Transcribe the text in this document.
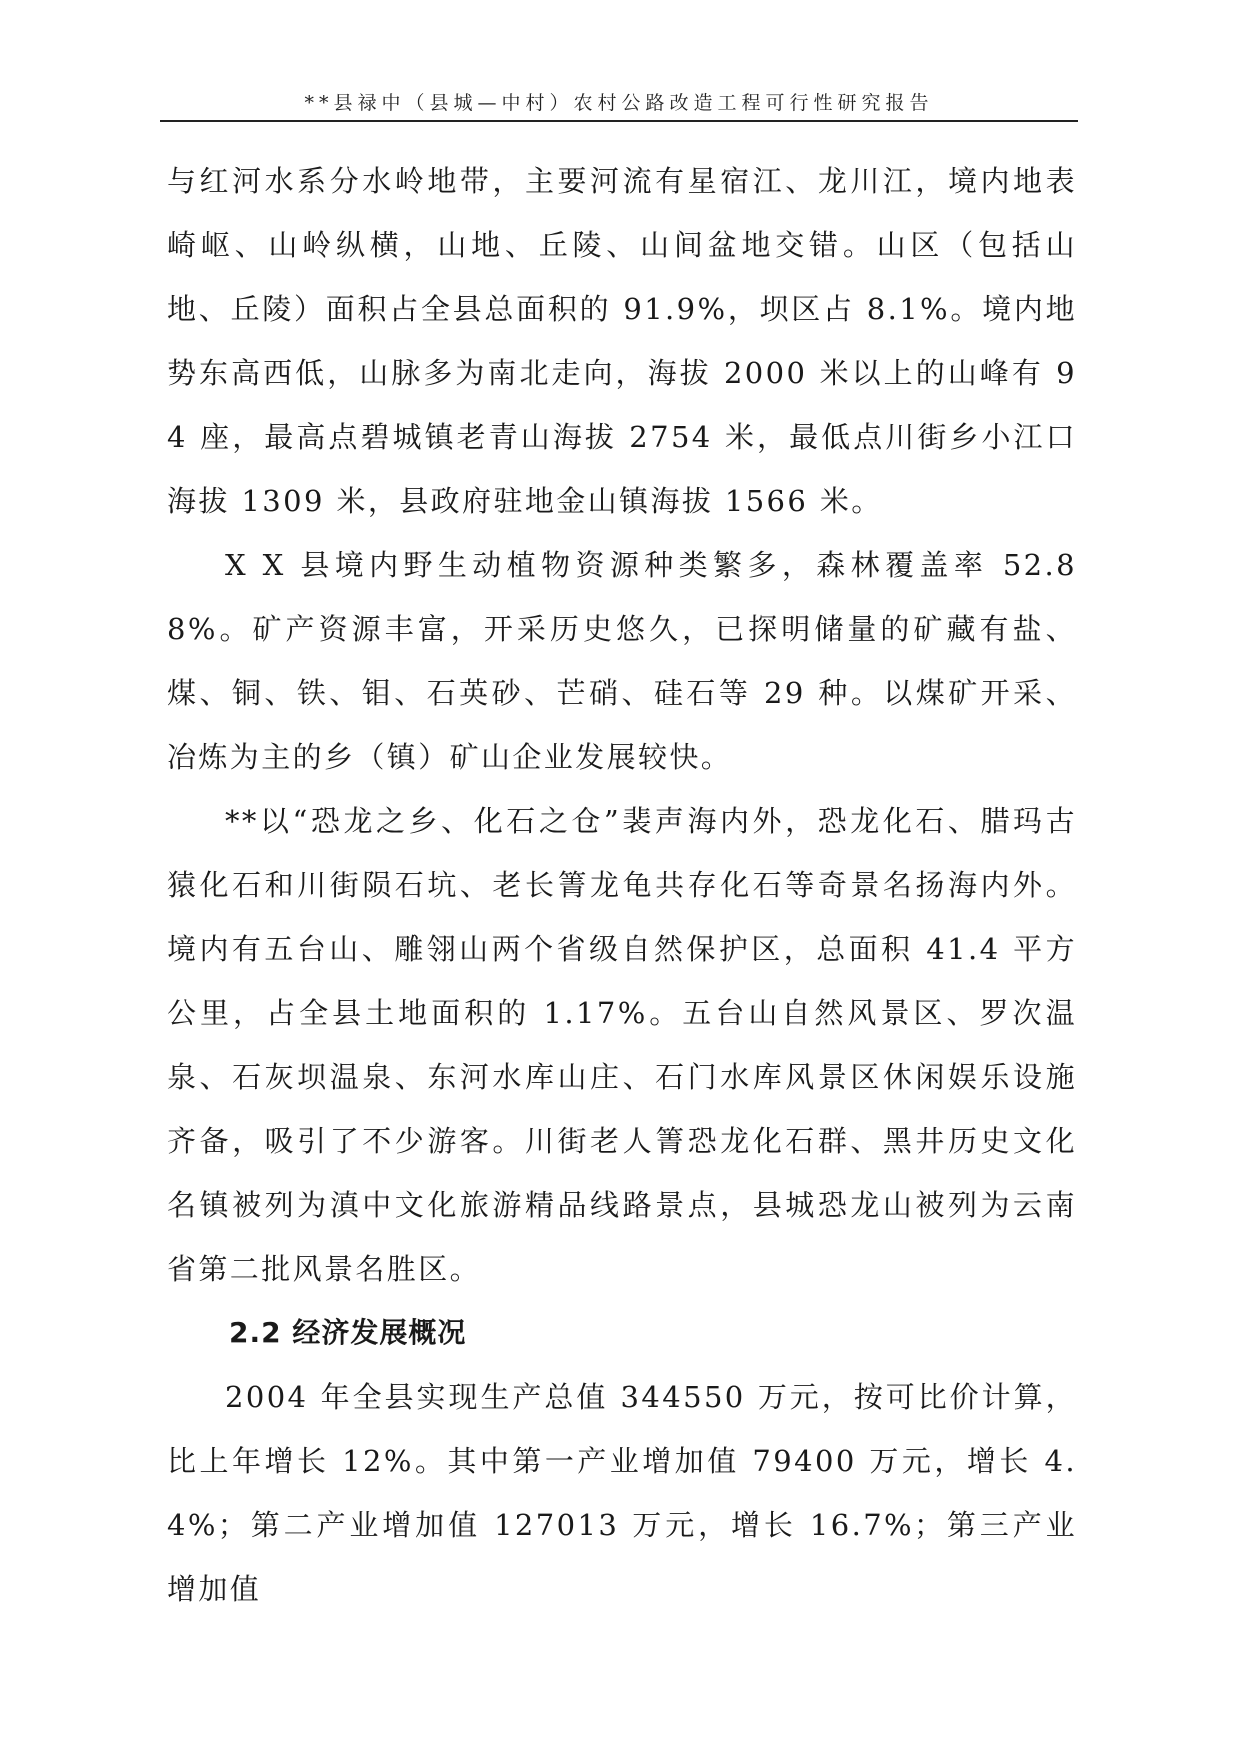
**县禄中（县城—中村）农村公路改造工程可行性研究报告

与红河水系分水岭地带，主要河流有星宿江、龙川江，境内地表崎岖、山岭纵横，山地、丘陵、山间盆地交错。山区（包括山地、丘陵）面积占全县总面积的 91.9%，坝区占 8.1%。境内地势东高西低，山脉多为南北走向，海拔 2000 米以上的山峰有 94 座，最高点碧城镇老青山海拔 2754 米，最低点川街乡小江口海拔 1309 米，县政府驻地金山镇海拔 1566 米。

X X 县境内野生动植物资源种类繁多，森林覆盖率 52.88%。矿产资源丰富，开采历史悠久，已探明储量的矿藏有盐、煤、铜、铁、钼、石英砂、芒硝、硅石等 29 种。以煤矿开采、冶炼为主的乡（镇）矿山企业发展较快。

**以“恐龙之乡、化石之仓”裴声海内外，恐龙化石、腊玛古猿化石和川街陨石坑、老长箐龙龟共存化石等奇景名扬海内外。境内有五台山、雕翎山两个省级自然保护区，总面积 41.4 平方公里，占全县土地面积的 1.17%。五台山自然风景区、罗次温泉、石灰坝温泉、东河水库山庄、石门水库风景区休闲娱乐设施齐备，吸引了不少游客。川街老人箐恐龙化石群、黑井历史文化名镇被列为滇中文化旅游精品线路景点，县城恐龙山被列为云南省第二批风景名胜区。

2.2 经济发展概况

2004 年全县实现生产总值 344550 万元，按可比价计算，比上年增长 12%。其中第一产业增加值 79400 万元，增长 4.4%；第二产业增加值 127013 万元，增长 16.7%；第三产业增加值
